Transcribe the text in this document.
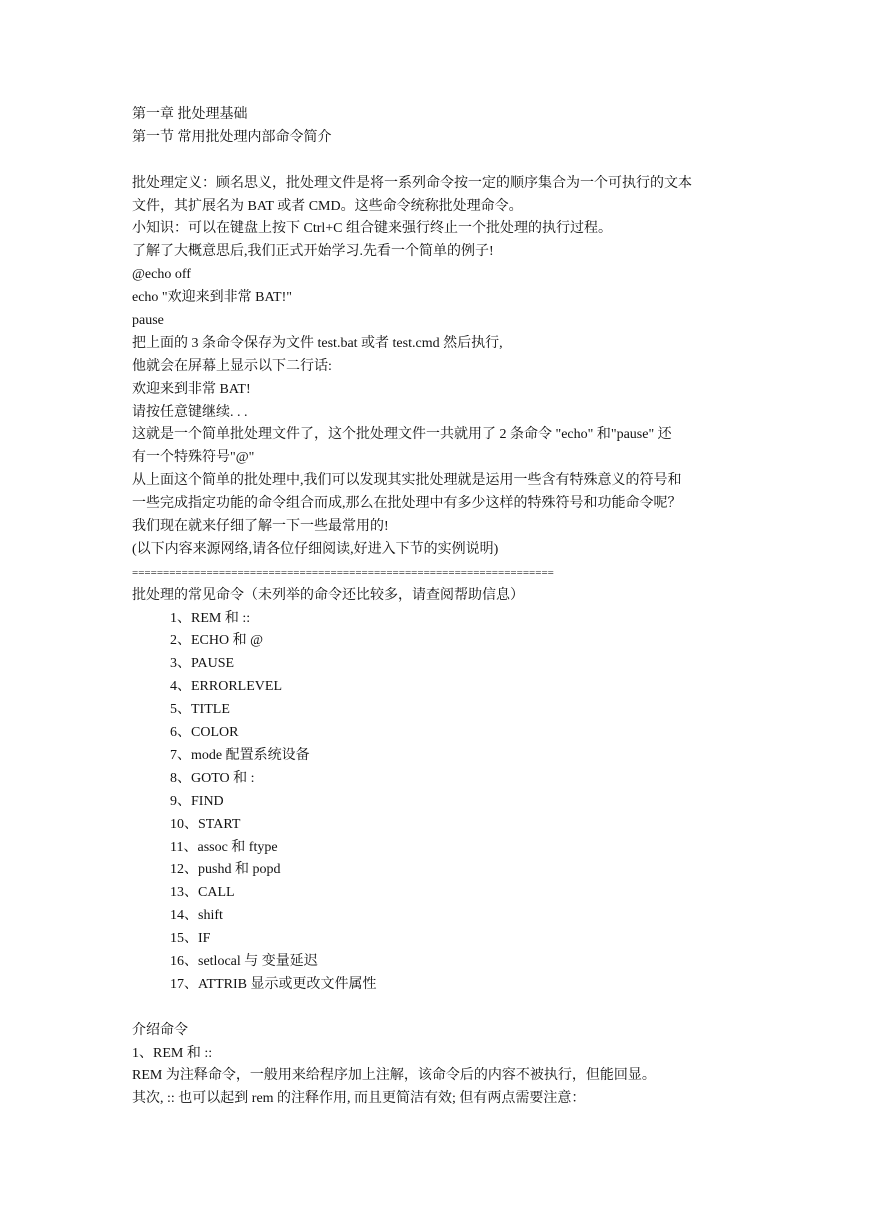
第一章 批处理基础
第一节 常用批处理内部命令简介
批处理定义：顾名思义，批处理文件是将一系列命令按一定的顺序集合为一个可执行的文本
文件，其扩展名为 BAT 或者 CMD。这些命令统称批处理命令。
小知识：可以在键盘上按下 Ctrl+C 组合键来强行终止一个批处理的执行过程。
了解了大概意思后,我们正式开始学习.先看一个简单的例子!
@echo off
echo "欢迎来到非常 BAT!"
pause
把上面的 3 条命令保存为文件 test.bat 或者 test.cmd 然后执行,
他就会在屏幕上显示以下二行话:
欢迎来到非常 BAT!
请按任意键继续. . .
这就是一个简单批处理文件了，这个批处理文件一共就用了 2 条命令 "echo" 和"pause" 还
有一个特殊符号"@"
从上面这个简单的批处理中,我们可以发现其实批处理就是运用一些含有特殊意义的符号和
一些完成指定功能的命令组合而成,那么在批处理中有多少这样的特殊符号和功能命令呢？
我们现在就来仔细了解一下一些最常用的!
(以下内容来源网络,请各位仔细阅读,好进入下节的实例说明)
====================================================================
批处理的常见命令（未列举的命令还比较多，请查阅帮助信息）
1、REM 和 ::
2、ECHO 和 @
3、PAUSE
4、ERRORLEVEL
5、TITLE
6、COLOR
7、mode 配置系统设备
8、GOTO 和 :
9、FIND
10、START
11、assoc 和 ftype
12、pushd 和 popd
13、CALL
14、shift
15、IF
16、setlocal 与 变量延迟
17、ATTRIB 显示或更改文件属性
介绍命令
1、REM 和 ::
REM 为注释命令，一般用来给程序加上注解，该命令后的内容不被执行，但能回显。
其次, :: 也可以起到 rem 的注释作用, 而且更简洁有效; 但有两点需要注意：
